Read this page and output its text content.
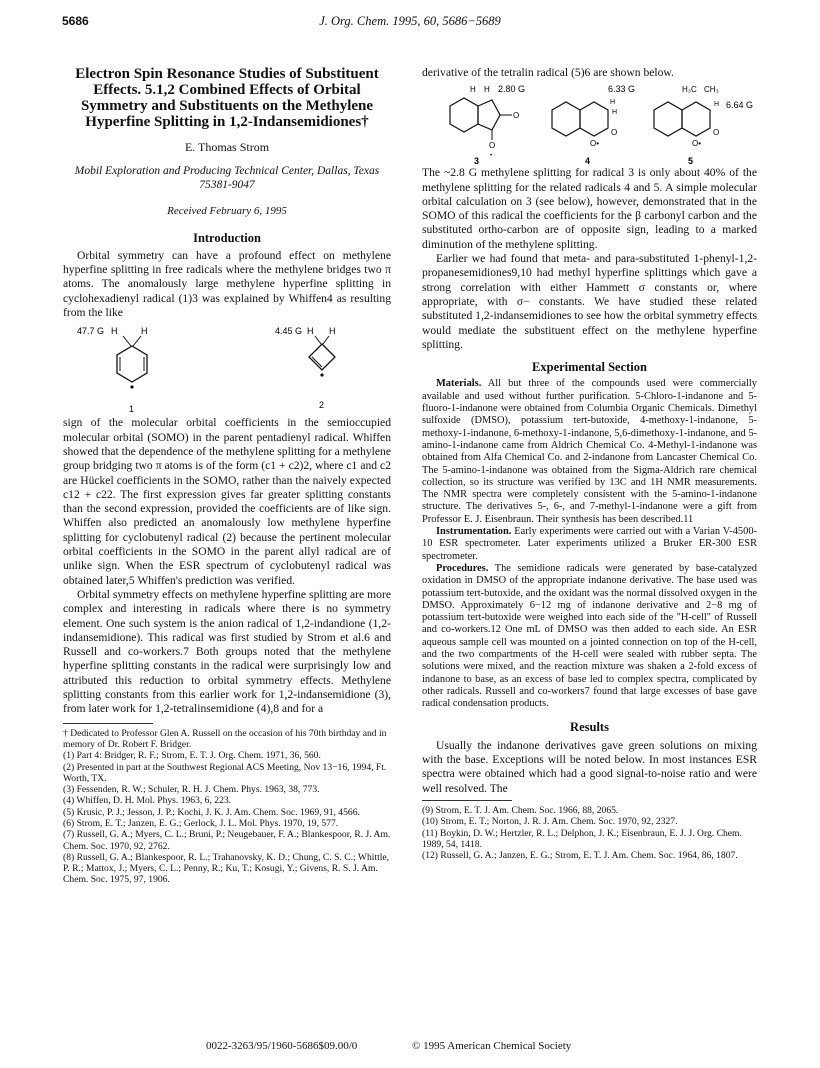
5686	J. Org. Chem. 1995, 60, 5686−5689
Electron Spin Resonance Studies of Substituent Effects. 5.1,2 Combined Effects of Orbital Symmetry and Substituents on the Methylene Hyperfine Splitting in 1,2-Indansemidiones†
E. Thomas Strom
Mobil Exploration and Producing Technical Center, Dallas, Texas 75381-9047
Received February 6, 1995
Introduction

Orbital symmetry can have a profound effect on methylene hyperfine splitting in free radicals where the methylene bridges two π atoms. The anomalously large methylene hyperfine splitting in cyclohexadienyl radical (1)3 was explained by Whiffen4 as resulting from the like

47.7 G H	H
1
4.45 G H H
2

sign of the molecular orbital coefficients in the semioccupied molecular orbital (SOMO) in the parent pentadienyl radical. Whiffen showed that the dependence of the methylene splitting for a methylene group bridging two π atoms is of the form (c1 + c2)2, where c1 and c2 are Hückel coefficients in the SOMO, rather than the naively expected c12 + c22. The first expression gives far greater splitting constants than the second expression, provided the coefficients are of like sign. Whiffen also predicted an anomalously low methylene hyperfine splitting for cyclobutenyl radical (2) because the pertinent molecular orbital coefficients in the SOMO in the parent allyl radical are of unlike sign. When the ESR spectrum of cyclobutenyl radical was obtained later,5 Whiffen's prediction was verified.

Orbital symmetry effects on methylene hyperfine splitting are more complex and interesting in radicals where there is no symmetry element. One such system is the anion radical of 1,2-indandione (1,2-indansemidione). This radical was first studied by Strom et al.6 and Russell and co-workers.7 Both groups noted that the methylene hyperfine splitting constants in the radical were surprisingly low and attributed this reduction to orbital symmetry effects. Methylene splitting constants from this earlier work for 1,2-indansemidione (3), from later work for 1,2-tetralinsemidione (4),8 and for a

† Dedicated to Professor Glen A. Russell on the occasion of his 70th birthday and in memory of Dr. Robert F. Bridger.
(1) Part 4: Bridger, R. F.; Strom, E. T. J. Org. Chem. 1971, 36, 560.
(2) Presented in part at the Southwest Regional ACS Meeting, Nov 13−16, 1994, Ft. Worth, TX.
(3) Fessenden, R. W.; Schuler, R. H. J. Chem. Phys. 1963, 38, 773.
(4) Whiffen, D. H. Mol. Phys. 1963, 6, 223.
(5) Krusic, P. J.; Jesson, J. P.; Kochi, J. K. J. Am. Chem. Soc. 1969, 91, 4566.
(6) Strom, E. T.; Janzen, E. G.; Gerlock, J. L. Mol. Phys. 1970, 19, 577.
(7) Russell, G. A.; Myers, C. L.; Bruni, P.; Neugebauer, F. A.; Blankespoor, R. J. Am. Chem. Soc. 1970, 92, 2762.
(8) Russell, G. A.; Blankespoor, R. L.; Trahanovsky, K. D.; Chung, C. S. C.; Whittle, P. R.; Mattox, J.; Myers, C. L.; Penny, R.; Ku, T.; Kosugi, Y.; Givens, R. S. J. Am. Chem. Soc. 1975, 97, 1906.

derivative of the tetralin radical (5)6 are shown below.

H H 2.80 G
O
O
•
3
6.33 G
H
H
O
O•
4
H₃C CH₃
6.64 G
H
O
O•
5

The ~2.8 G methylene splitting for radical 3 is only about 40% of the methylene splitting for the related radicals 4 and 5. A simple molecular orbital calculation on 3 (see below), however, demonstrated that in the SOMO of this radical the coefficients for the β carbonyl carbon and the substituted ortho-carbon are of opposite sign, leading to a marked diminution of the methylene splitting.

Earlier we had found that meta- and para-substituted 1-phenyl-1,2-propanesemidiones9,10 had methyl hyperfine splittings which gave a strong correlation with either Hammett σ constants or, where appropriate, with σ− constants. We have studied these related substituted 1,2-indansemidiones to see how the orbital symmetry effects would mediate the substituent effect on the methylene hyperfine splitting.

Experimental Section

Materials. All but three of the compounds used were commercially available and used without further purification. 5-Chloro-1-indanone and 5-fluoro-1-indanone were obtained from Columbia Organic Chemicals. Dimethyl sulfoxide (DMSO), potassium tert-butoxide, 4-methoxy-1-indanone, 5-methoxy-1-indanone, 6-methoxy-1-indanone, 5,6-dimethoxy-1-indanone, and 5-amino-1-indanone came from Aldrich Chemical Co. 4-Methyl-1-indanone was obtained from Alfa Chemical Co. and 2-indanone from Lancaster Chemical Co. The 5-amino-1-indanone was obtained from the Sigma-Aldrich rare chemical collection, so its structure was verified by 13C and 1H NMR measurements. The NMR spectra were completely consistent with the 5-amino-1-indanone structure. The derivatives 5-, 6-, and 7-methyl-1-indanone were a gift from Professor E. J. Eisenbraun. Their synthesis has been described.11

Instrumentation. Early experiments were carried out with a Varian V-4500-10 ESR spectrometer. Later experiments utilized a Bruker ER-300 ESR spectrometer.

Procedures. The semidione radicals were generated by base-catalyzed oxidation in DMSO of the appropriate indanone derivative. The base used was potassium tert-butoxide, and the oxidant was the normal dissolved oxygen in the DMSO. Approximately 6−12 mg of indanone derivative and 2−8 mg of potassium tert-butoxide were weighed into each side of the "H-cell" of Russell and co-workers.12 One mL of DMSO was then added to each side. An ESR aqueous sample cell was mounted on a jointed connection on top of the H-cell, and the two compartments of the H-cell were sealed with rubber septa. The solutions were mixed, and the reaction mixture was shaken a 2-fold excess of indanone to base, as an excess of base led to complex spectra, complicated by other radicals. Russell and co-workers7 found that large excesses of base gave radical condensation products.

Results

Usually the indanone derivatives gave green solutions on mixing with the base. Exceptions will be noted below. In most instances ESR spectra were obtained which had a good signal-to-noise ratio and were well resolved. The

(9) Strom, E. T. J. Am. Chem. Soc. 1966, 88, 2065.
(10) Strom, E. T.; Norton, J. R. J. Am. Chem. Soc. 1970, 92, 2327.
(11) Boykin, D. W.; Hertzler, R. L.; Delphon, J. K.; Eisenbraun, E. J. J. Org. Chem. 1989, 54, 1418.
(12) Russell, G. A.; Janzen, E. G.; Strom, E. T. J. Am. Chem. Soc. 1964, 86, 1807.
0022-3263/95/1960-5686$09.00/0	© 1995 American Chemical Society
